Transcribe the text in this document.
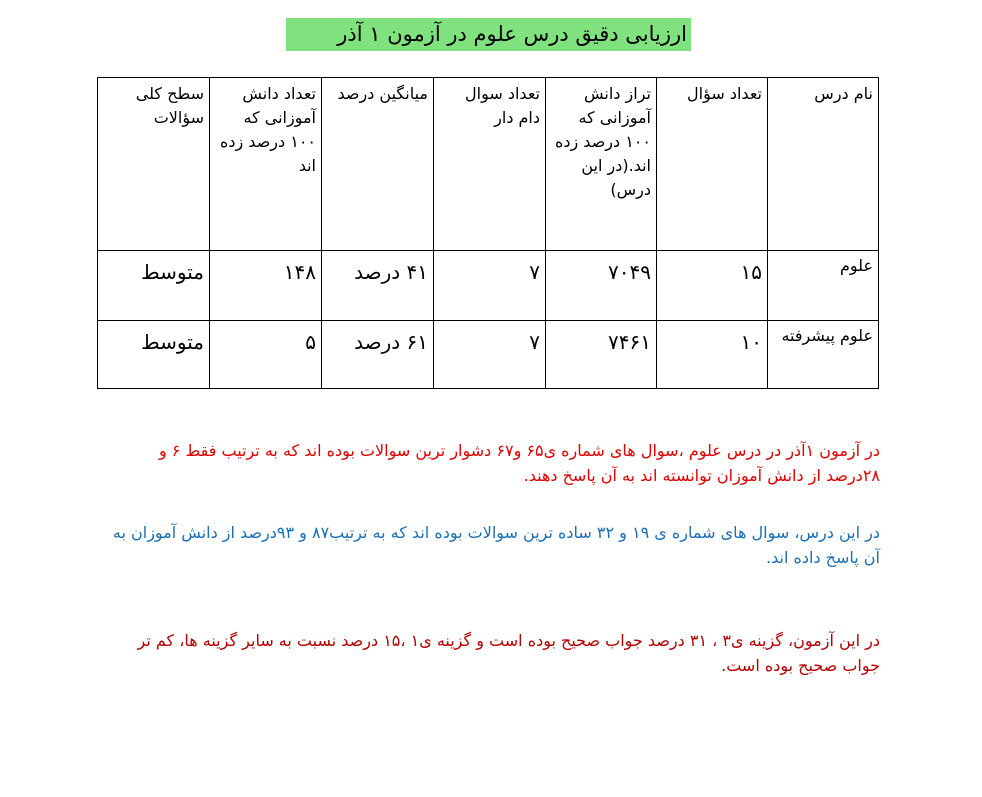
ارزیابی دقیق درس علوم در آزمون ۱ آذر
نام درس	تعداد سؤال	تراز دانش آموزانی که ۱۰۰ درصد زده اند.(در این درس)	تعداد سوال دام دار	میانگین درصد	تعداد دانش آموزانی که ۱۰۰ درصد زده اند	سطح کلی سؤالات
علوم	۱۵	۷۰۴۹	۷	۴۱ درصد	۱۴۸	متوسط
علوم پیشرفته	۱۰	۷۴۶۱	۷	۶۱ درصد	۵	متوسط
در آزمون ۱آذر در درس علوم ،سوال های شماره ی۶۵ و۶۷ دشوار ترین سوالات بوده اند که به ترتیب فقط ۶ و ۲۸درصد از دانش آموزان توانسته اند به آن پاسخ دهند.
در این درس، سوال های شماره ی ۱۹ و ۳۲ ساده ترین سوالات بوده اند که به ترتیب۸۷ و ۹۳درصد از دانش آموزان به آن پاسخ داده اند.
در این آزمون، گزینه ی۳ ، ۳۱ درصد جواب صحیح بوده است و گزینه ی۱ ،۱۵ درصد نسبت به سایر گزینه ها، کم تر جواب صحیح بوده است.
